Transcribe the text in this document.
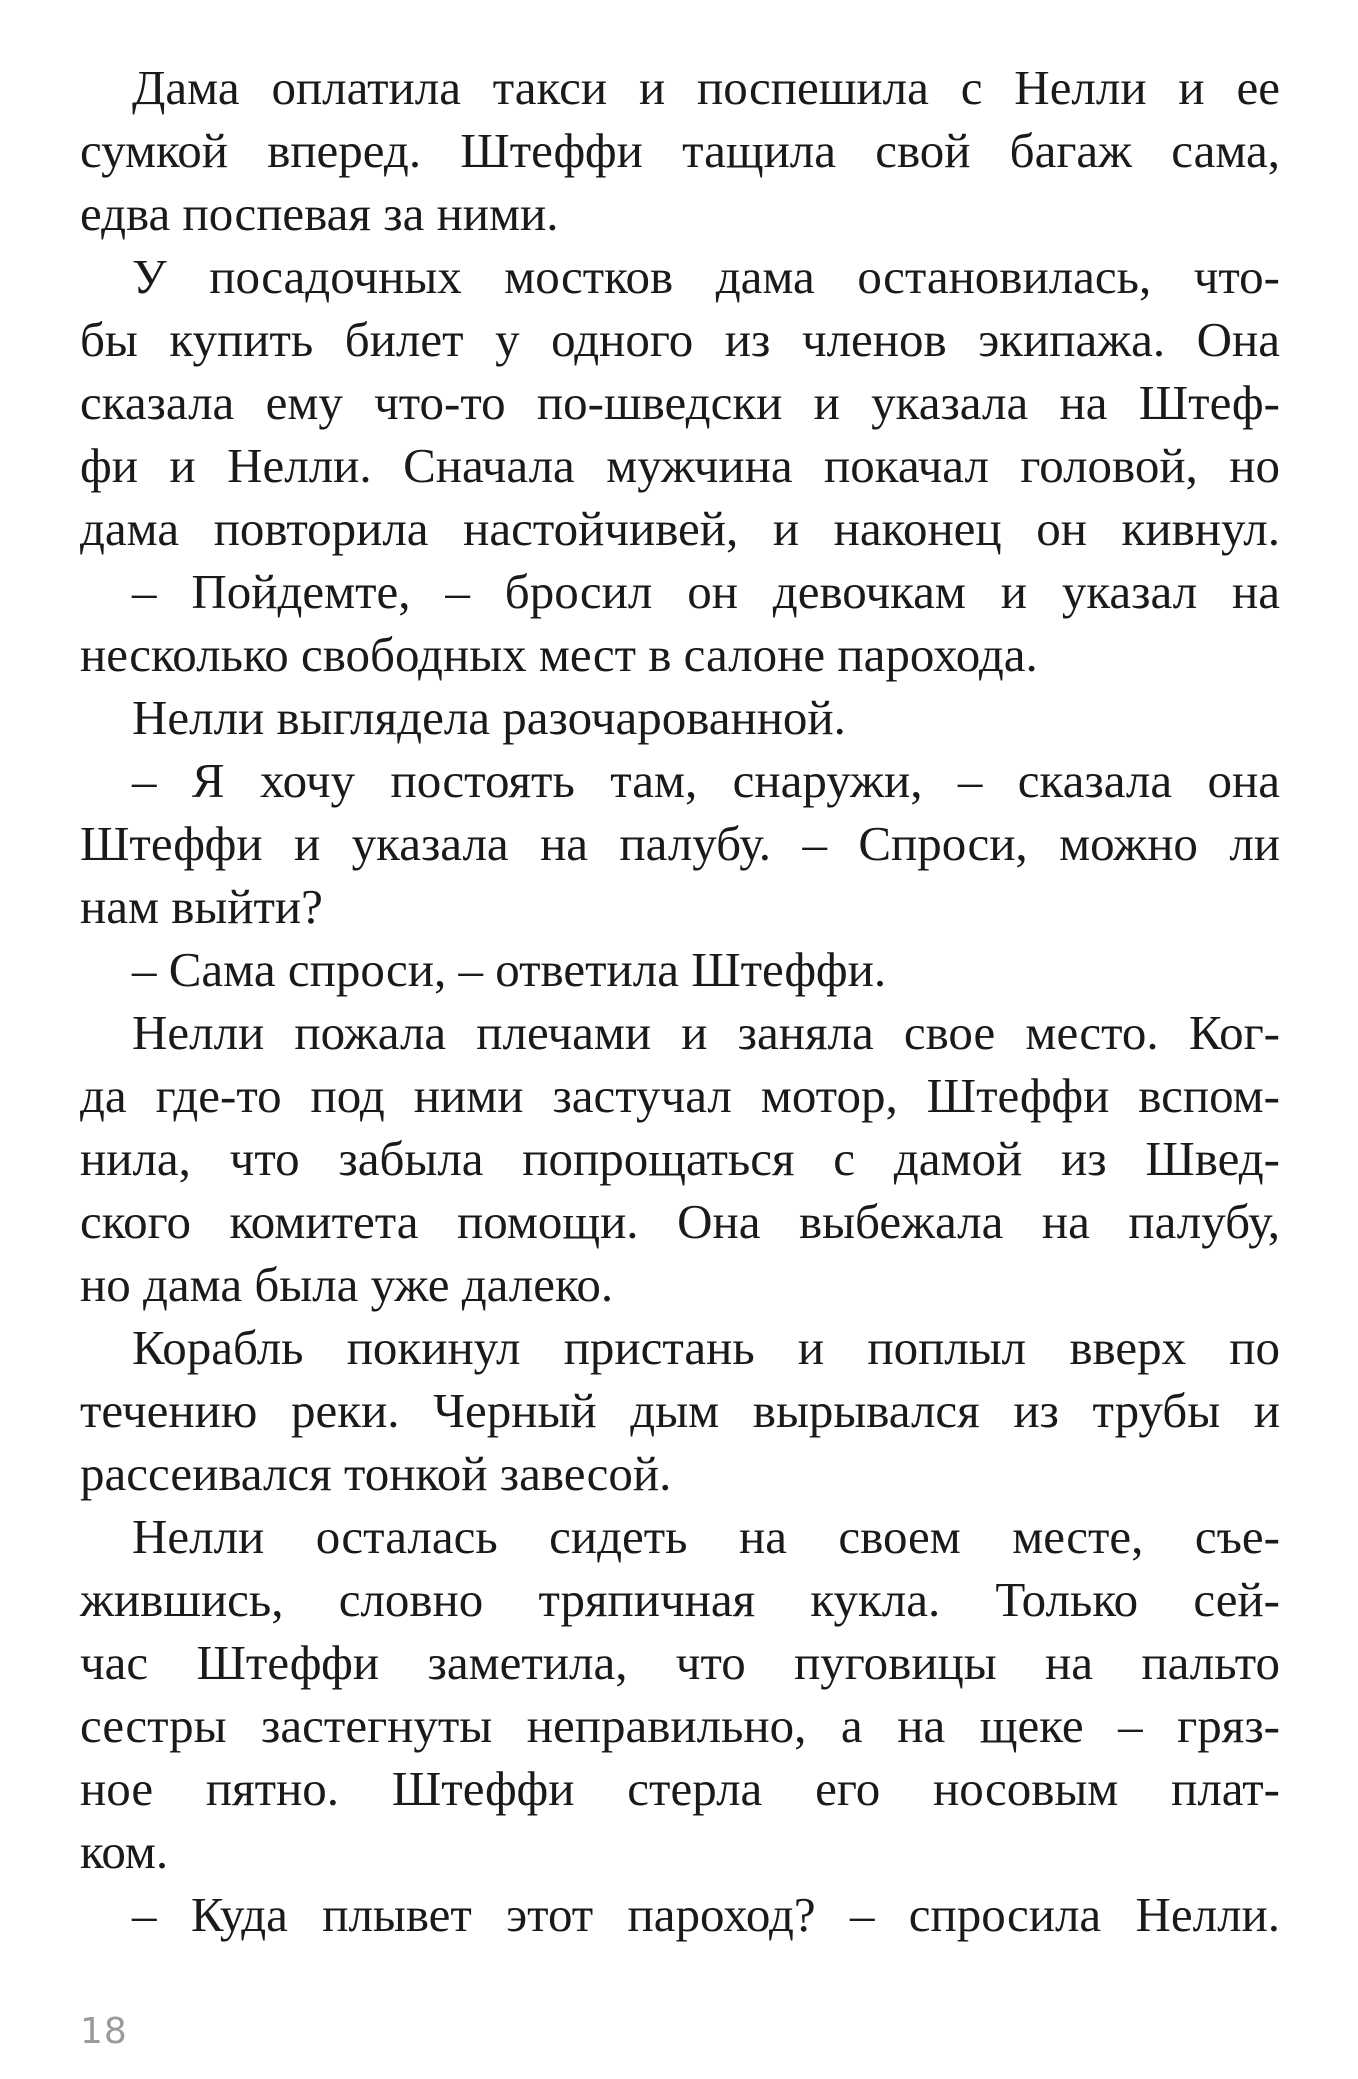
Дама оплатила такси и поспешила с Нелли и ее
сумкой вперед. Штеффи тащила свой багаж сама,
едва поспевая за ними.
У посадочных мостков дама остановилась, что-
бы купить билет у одного из членов экипажа. Она
сказала ему что-то по-шведски и указала на Штеф-
фи и Нелли. Сначала мужчина покачал головой, но
дама повторила настойчивей, и наконец он кивнул.
– Пойдемте, – бросил он девочкам и указал на
несколько свободных мест в салоне парохода.
Нелли выглядела разочарованной.
– Я хочу постоять там, снаружи, – сказала она
Штеффи и указала на палубу. – Спроси, можно ли
нам выйти?
– Сама спроси, – ответила Штеффи.
Нелли пожала плечами и заняла свое место. Ког-
да где-то под ними застучал мотор, Штеффи вспом-
нила, что забыла попрощаться с дамой из Швед-
ского комитета помощи. Она выбежала на палубу,
но дама была уже далеко.
Корабль покинул пристань и поплыл вверх по
течению реки. Черный дым вырывался из трубы и
рассеивался тонкой завесой.
Нелли осталась сидеть на своем месте, съе-
жившись, словно тряпичная кукла. Только сей-
час Штеффи заметила, что пуговицы на пальто
сестры застегнуты неправильно, а на щеке – гряз-
ное пятно. Штеффи стерла его носовым плат-
ком.
– Куда плывет этот пароход? – спросила Нелли.
18
